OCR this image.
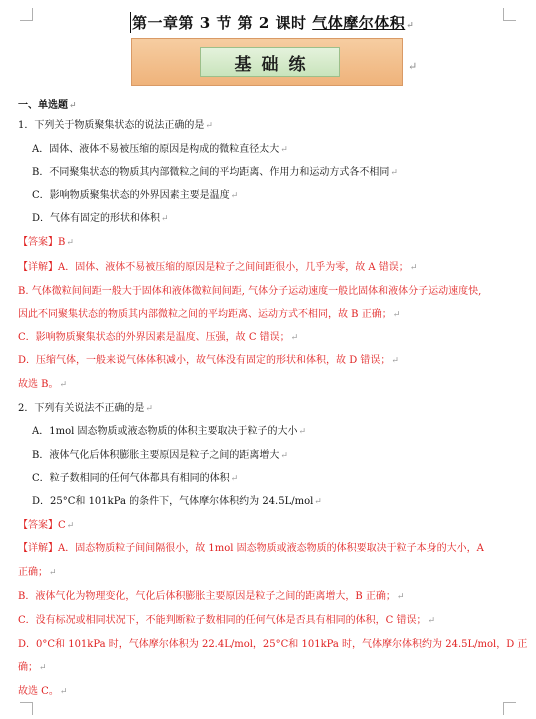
第一章第 3 节 第 2 课时 气体摩尔体积↵
基础练	↵
一、单选题↵
1．下列关于物质聚集状态的说法正确的是↵
A．固体、液体不易被压缩的原因是构成的微粒直径太大↵
B．不同聚集状态的物质其内部微粒之间的平均距离、作用力和运动方式各不相同↵
C．影响物质聚集状态的外界因素主要是温度↵
D．气体有固定的形状和体积↵
【答案】B↵
【详解】A．固体、液体不易被压缩的原因是粒子之间间距很小，几乎为零，故 A 错误；↵
B. 气体微粒间间距一般大于固体和液体微粒间间距, 气体分子运动速度一般比固体和液体分子运动速度快,
因此不同聚集状态的物质其内部微粒之间的平均距离、运动方式不相同，故 B 正确；↵
C．影响物质聚集状态的外界因素是温度、压强，故 C 错误；↵
D．压缩气体，一般来说气体体积减小，故气体没有固定的形状和体积，故 D 错误；↵
故选 B。↵
2．下列有关说法不正确的是↵
A．1mol 固态物质或液态物质的体积主要取决于粒子的大小↵
B．液体气化后体积膨胀主要原因是粒子之间的距离增大↵
C．粒子数相同的任何气体都具有相同的体积↵
D．25°C和 101kPa 的条件下，气体摩尔体积约为 24.5L/mol↵
【答案】C↵
【详解】A．固态物质粒子间间隔很小，故 1mol 固态物质或液态物质的体积要取决于粒子本身的大小，A
正确；↵
B．液体气化为物理变化，气化后体积膨胀主要原因是粒子之间的距离增大，B 正确；↵
C．没有标况或相同状况下，不能判断粒子数相同的任何气体是否具有相同的体积，C 错误；↵
D．0°C和 101kPa 时，气体摩尔体积为 22.4L/mol，25°C和 101kPa 时，气体摩尔体积约为 24.5L/mol，D 正
确；↵
故选 C。↵
